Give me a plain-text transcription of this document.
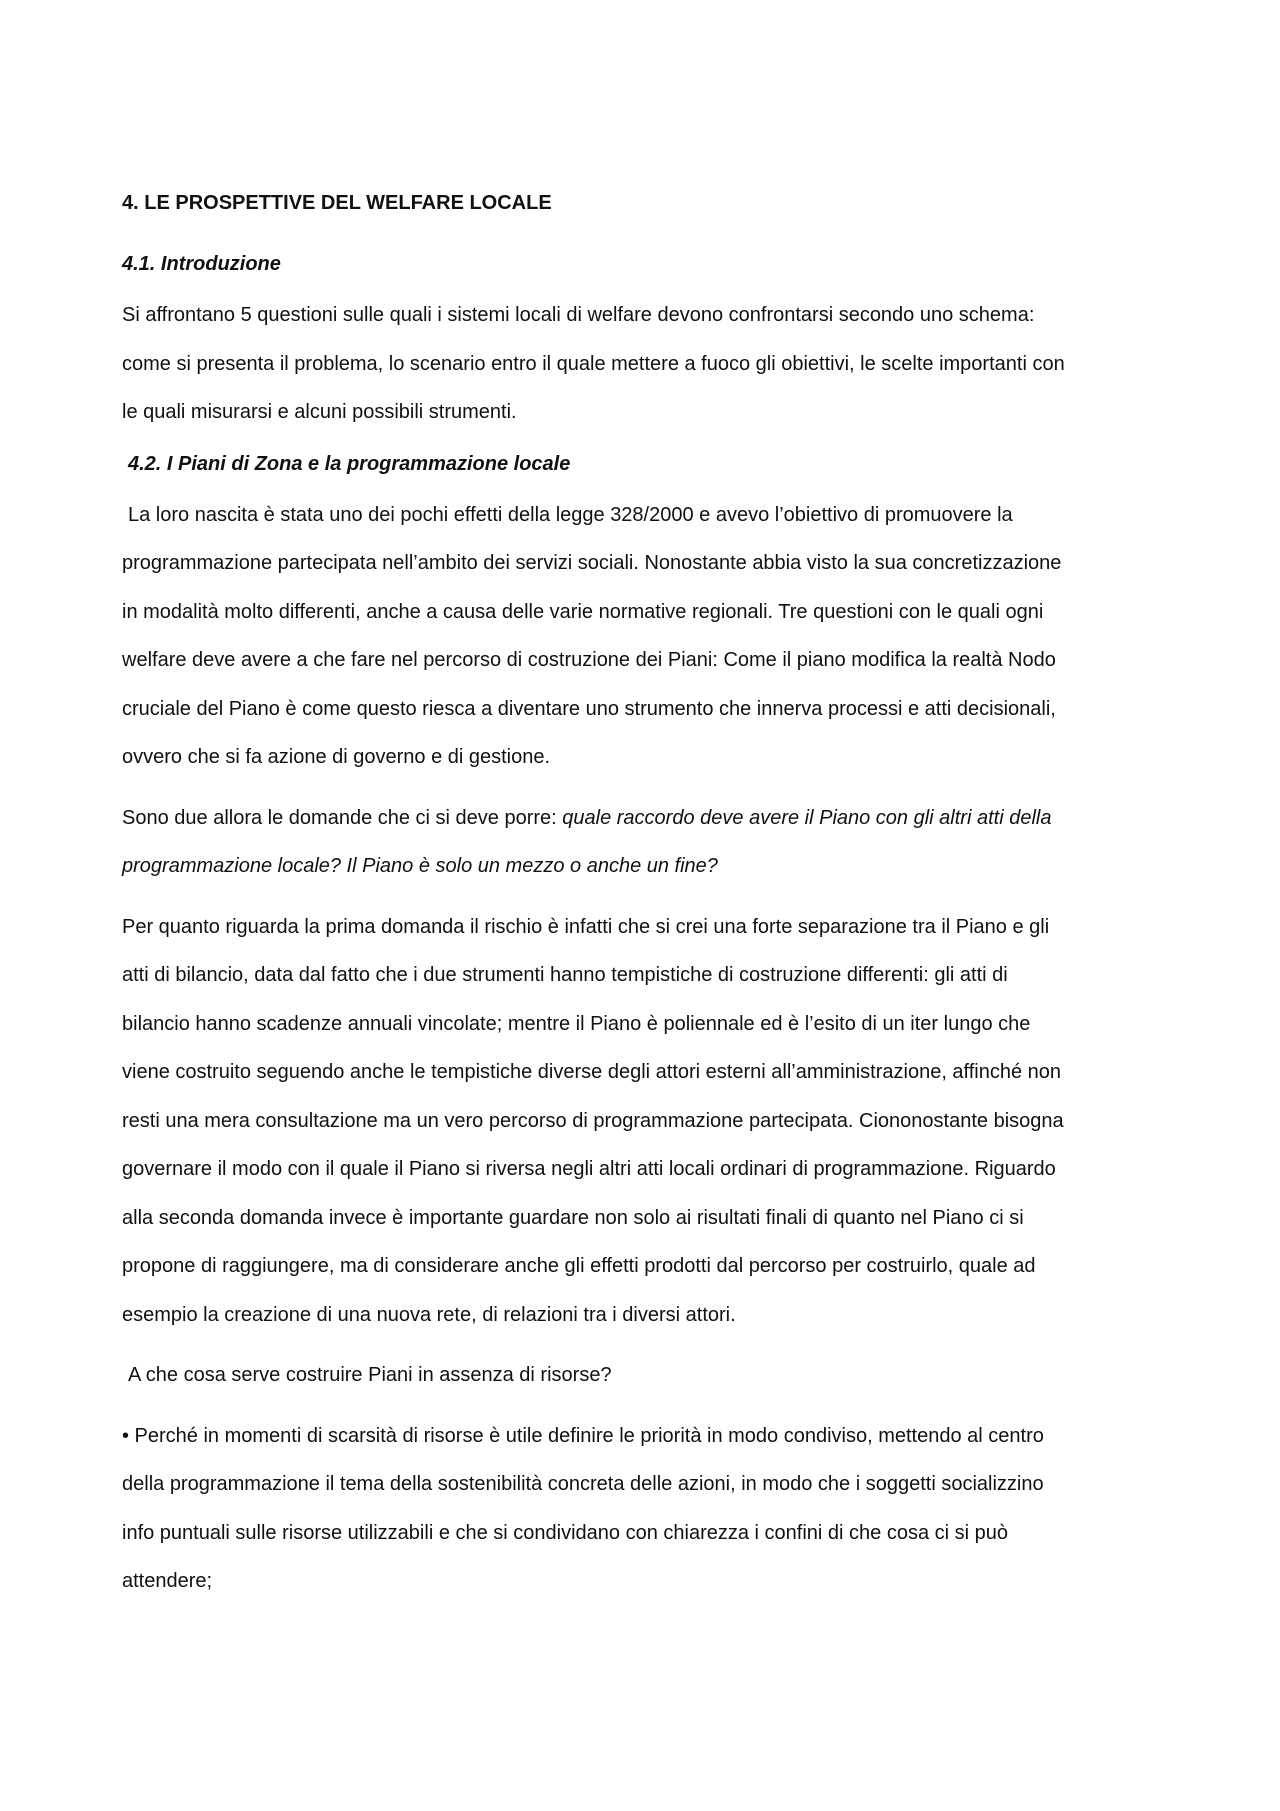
4. LE PROSPETTIVE DEL WELFARE LOCALE
4.1. Introduzione
Si affrontano 5 questioni sulle quali i sistemi locali di welfare devono confrontarsi secondo uno schema:
come si presenta il problema, lo scenario entro il quale mettere a fuoco gli obiettivi, le scelte importanti con
le quali misurarsi e alcuni possibili strumenti.
4.2. I Piani di Zona e la programmazione locale
La loro nascita è stata uno dei pochi effetti della legge 328/2000 e avevo l’obiettivo di promuovere la
programmazione partecipata nell’ambito dei servizi sociali. Nonostante abbia visto la sua concretizzazione
in modalità molto differenti, anche a causa delle varie normative regionali. Tre questioni con le quali ogni
welfare deve avere a che fare nel percorso di costruzione dei Piani: Come il piano modifica la realtà Nodo
cruciale del Piano è come questo riesca a diventare uno strumento che innerva processi e atti decisionali,
ovvero che si fa azione di governo e di gestione.
Sono due allora le domande che ci si deve porre: quale raccordo deve avere il Piano con gli altri atti della
programmazione locale? Il Piano è solo un mezzo o anche un fine?
Per quanto riguarda la prima domanda il rischio è infatti che si crei una forte separazione tra il Piano e gli
atti di bilancio, data dal fatto che i due strumenti hanno tempistiche di costruzione differenti: gli atti di
bilancio hanno scadenze annuali vincolate; mentre il Piano è poliennale ed è l’esito di un iter lungo che
viene costruito seguendo anche le tempistiche diverse degli attori esterni all’amministrazione, affinché non
resti una mera consultazione ma un vero percorso di programmazione partecipata. Ciononostante bisogna
governare il modo con il quale il Piano si riversa negli altri atti locali ordinari di programmazione. Riguardo
alla seconda domanda invece è importante guardare non solo ai risultati finali di quanto nel Piano ci si
propone di raggiungere, ma di considerare anche gli effetti prodotti dal percorso per costruirlo, quale ad
esempio la creazione di una nuova rete, di relazioni tra i diversi attori.
A che cosa serve costruire Piani in assenza di risorse?
• Perché in momenti di scarsità di risorse è utile definire le priorità in modo condiviso, mettendo al centro
della programmazione il tema della sostenibilità concreta delle azioni, in modo che i soggetti socializzino
info puntuali sulle risorse utilizzabili e che si condividano con chiarezza i confini di che cosa ci si può
attendere;
